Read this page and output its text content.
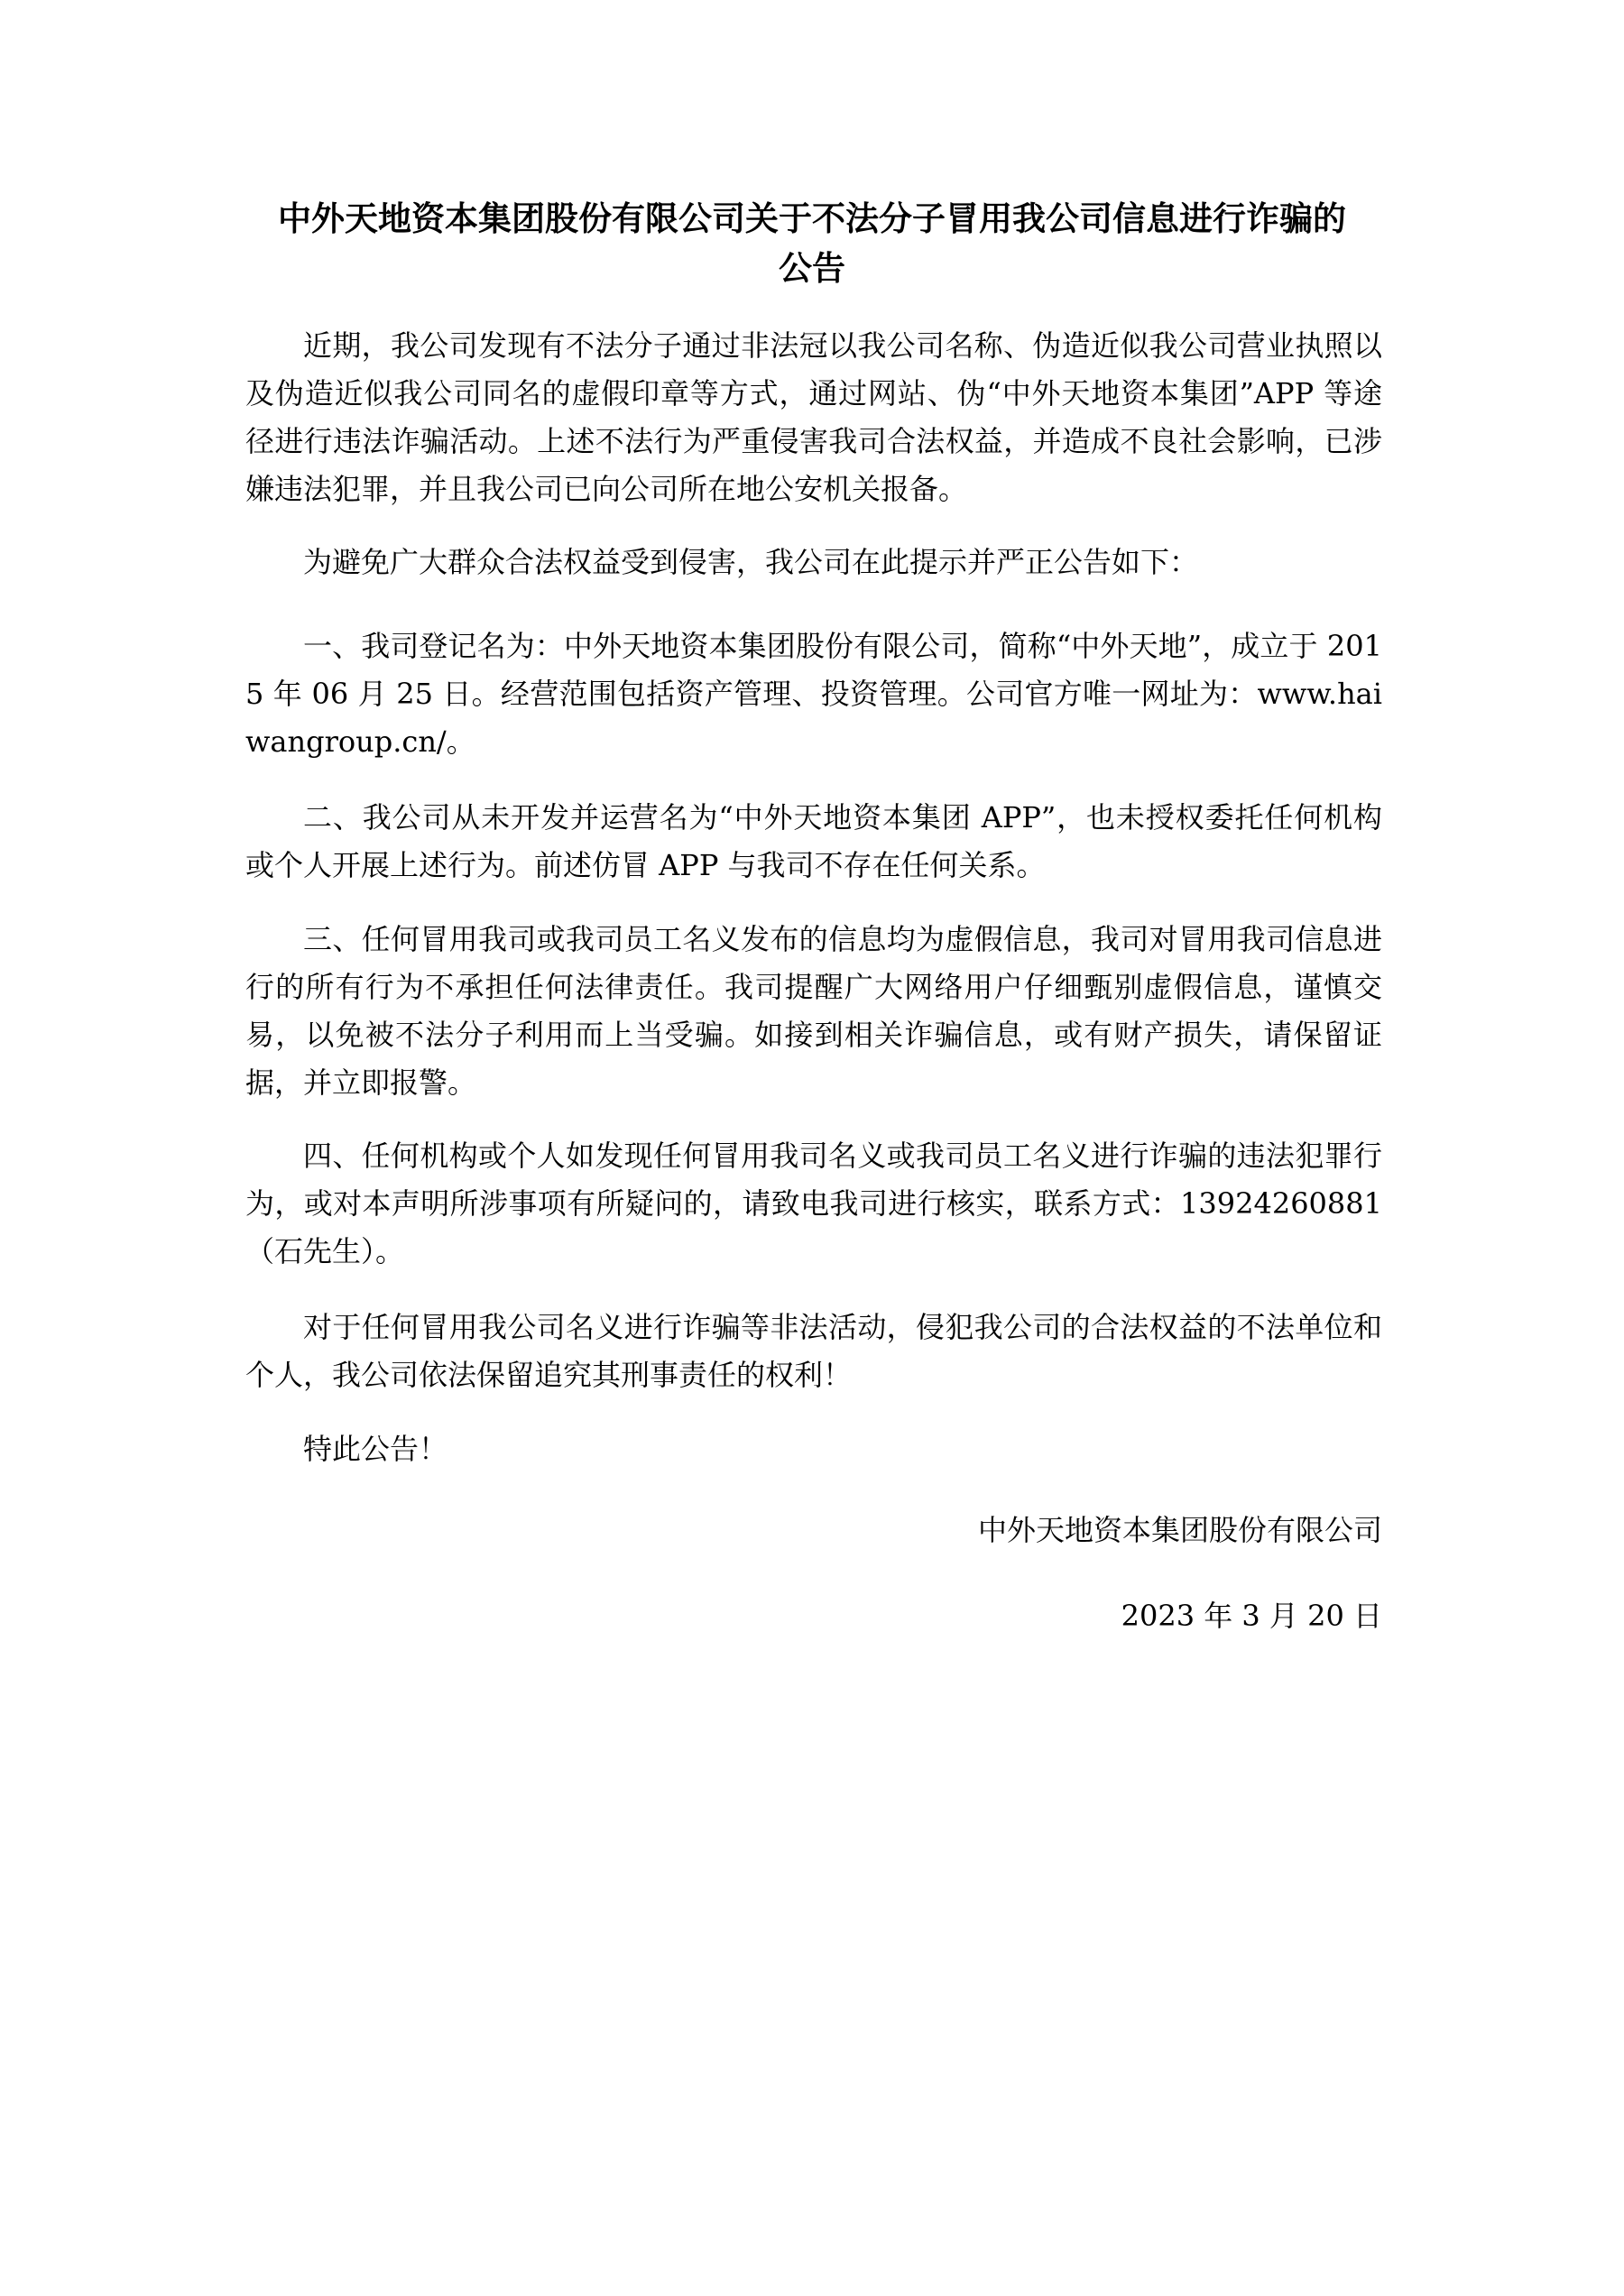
中外天地资本集团股份有限公司关于不法分子冒用我公司信息进行诈骗的
公告

近期，我公司发现有不法分子通过非法冠以我公司名称、伪造近似我公司营业执照以及伪造近似我公司同名的虚假印章等方式，通过网站、伪“中外天地资本集团”APP 等途径进行违法诈骗活动。上述不法行为严重侵害我司合法权益，并造成不良社会影响，已涉嫌违法犯罪，并且我公司已向公司所在地公安机关报备。

为避免广大群众合法权益受到侵害，我公司在此提示并严正公告如下：

一、我司登记名为：中外天地资本集团股份有限公司，简称“中外天地”，成立于 2015 年 06 月 25 日。经营范围包括资产管理、投资管理。公司官方唯一网址为：www.haiwangroup.cn/。

二、我公司从未开发并运营名为“中外天地资本集团 APP”，也未授权委托任何机构或个人开展上述行为。前述仿冒 APP 与我司不存在任何关系。

三、任何冒用我司或我司员工名义发布的信息均为虚假信息，我司对冒用我司信息进行的所有行为不承担任何法律责任。我司提醒广大网络用户仔细甄别虚假信息，谨慎交易，以免被不法分子利用而上当受骗。如接到相关诈骗信息，或有财产损失，请保留证据，并立即报警。

四、任何机构或个人如发现任何冒用我司名义或我司员工名义进行诈骗的违法犯罪行为，或对本声明所涉事项有所疑问的，请致电我司进行核实，联系方式：13924260881（石先生）。

对于任何冒用我公司名义进行诈骗等非法活动，侵犯我公司的合法权益的不法单位和个人，我公司依法保留追究其刑事责任的权利！

特此公告！

中外天地资本集团股份有限公司

2023 年 3 月 20 日
